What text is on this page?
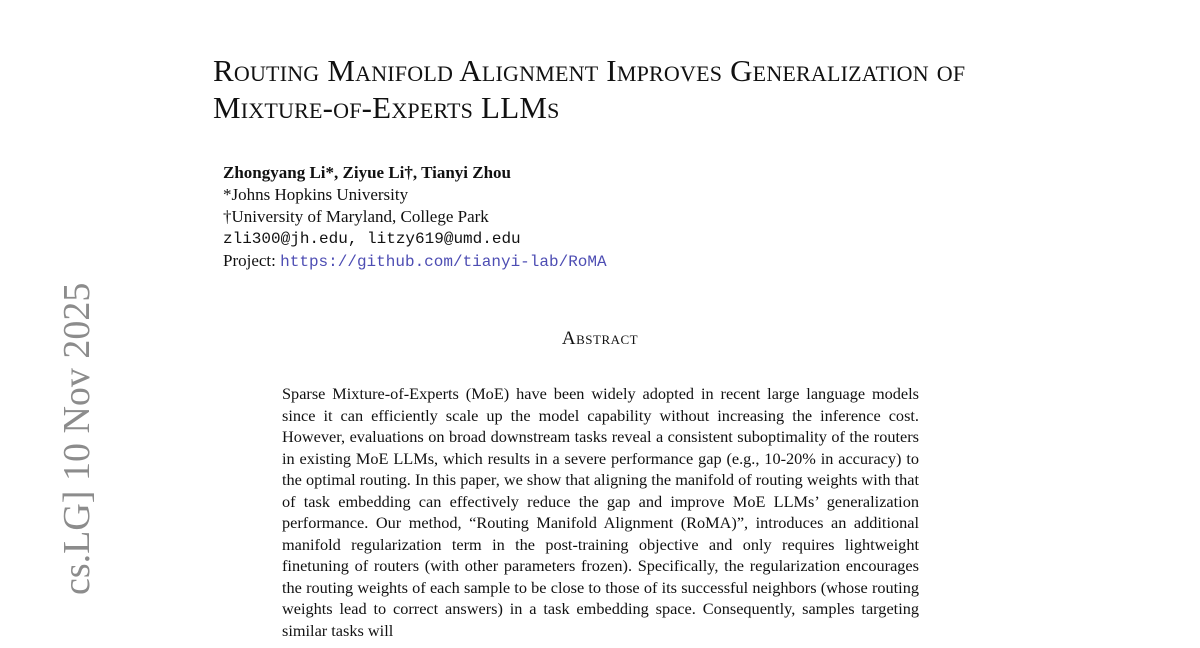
Routing Manifold Alignment Improves Generalization of Mixture-of-Experts LLMs
Zhongyang Li*, Ziyue Li†, Tianyi Zhou
*Johns Hopkins University
†University of Maryland, College Park
zli300@jh.edu, litzy619@umd.edu
Project: https://github.com/tianyi-lab/RoMA
Abstract
Sparse Mixture-of-Experts (MoE) have been widely adopted in recent large language models since it can efficiently scale up the model capability without increasing the inference cost. However, evaluations on broad downstream tasks reveal a consistent suboptimality of the routers in existing MoE LLMs, which results in a severe performance gap (e.g., 10-20% in accuracy) to the optimal routing. In this paper, we show that aligning the manifold of routing weights with that of task embedding can effectively reduce the gap and improve MoE LLMs’ generalization performance. Our method, “Routing Manifold Alignment (RoMA)”, introduces an additional manifold regularization term in the post-training objective and only requires lightweight finetuning of routers (with other parameters frozen). Specifically, the regularization encourages the routing weights of each sample to be close to those of its successful neighbors (whose routing weights lead to correct answers) in a task embedding space. Consequently, samples targeting similar tasks will
cs.LG] 10 Nov 2025
